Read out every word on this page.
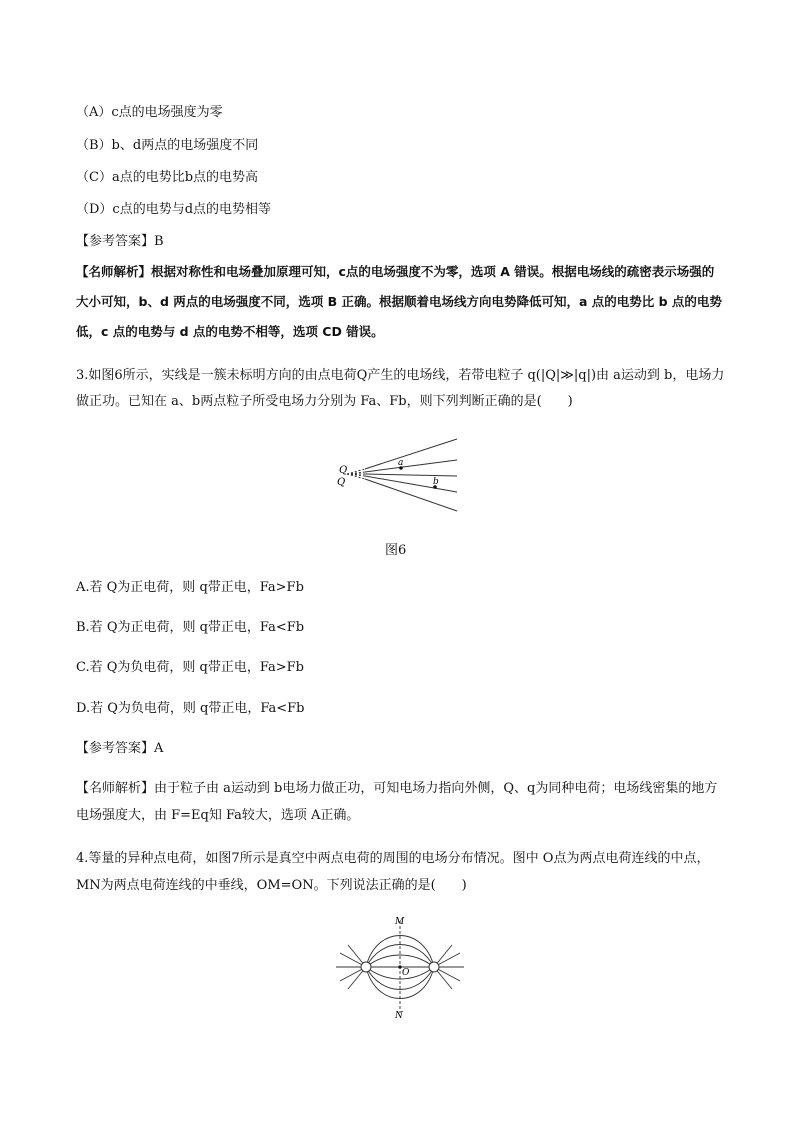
（A）c点的电场强度为零
（B）b、d两点的电场强度不同
（C）a点的电势比b点的电势高
（D）c点的电势与d点的电势相等
【参考答案】B
【名师解析】根据对称性和电场叠加原理可知，c点的电场强度不为零，选项 A 错误。根据电场线的疏密表示场强的大小可知，b、d 两点的电场强度不同，选项 B 正确。根据顺着电场线方向电势降低可知，a 点的电势比 b 点的电势低，c 点的电势与 d 点的电势不相等，选项 CD 错误。
3.如图6所示，实线是一簇未标明方向的由点电荷Q产生的电场线，若带电粒子 q(|Q|≫|q|)由 a运动到 b，电场力做正功。已知在 a、b两点粒子所受电场力分别为 Fa、Fb，则下列判断正确的是(　　)
Q
Q
a
b
图6
A.若 Q为正电荷，则 q带正电，Fa>Fb
B.若 Q为正电荷，则 q带正电，Fa<Fb
C.若 Q为负电荷，则 q带正电，Fa>Fb
D.若 Q为负电荷，则 q带正电，Fa<Fb
【参考答案】A
【名师解析】由于粒子由 a运动到 b电场力做正功，可知电场力指向外侧，Q、q为同种电荷；电场线密集的地方电场强度大，由 F=Eq知 Fa较大，选项 A正确。
4.等量的异种点电荷，如图7所示是真空中两点电荷的周围的电场分布情况。图中 O点为两点电荷连线的中点，MN为两点电荷连线的中垂线，OM=ON。下列说法正确的是(　　)
M
N
O
